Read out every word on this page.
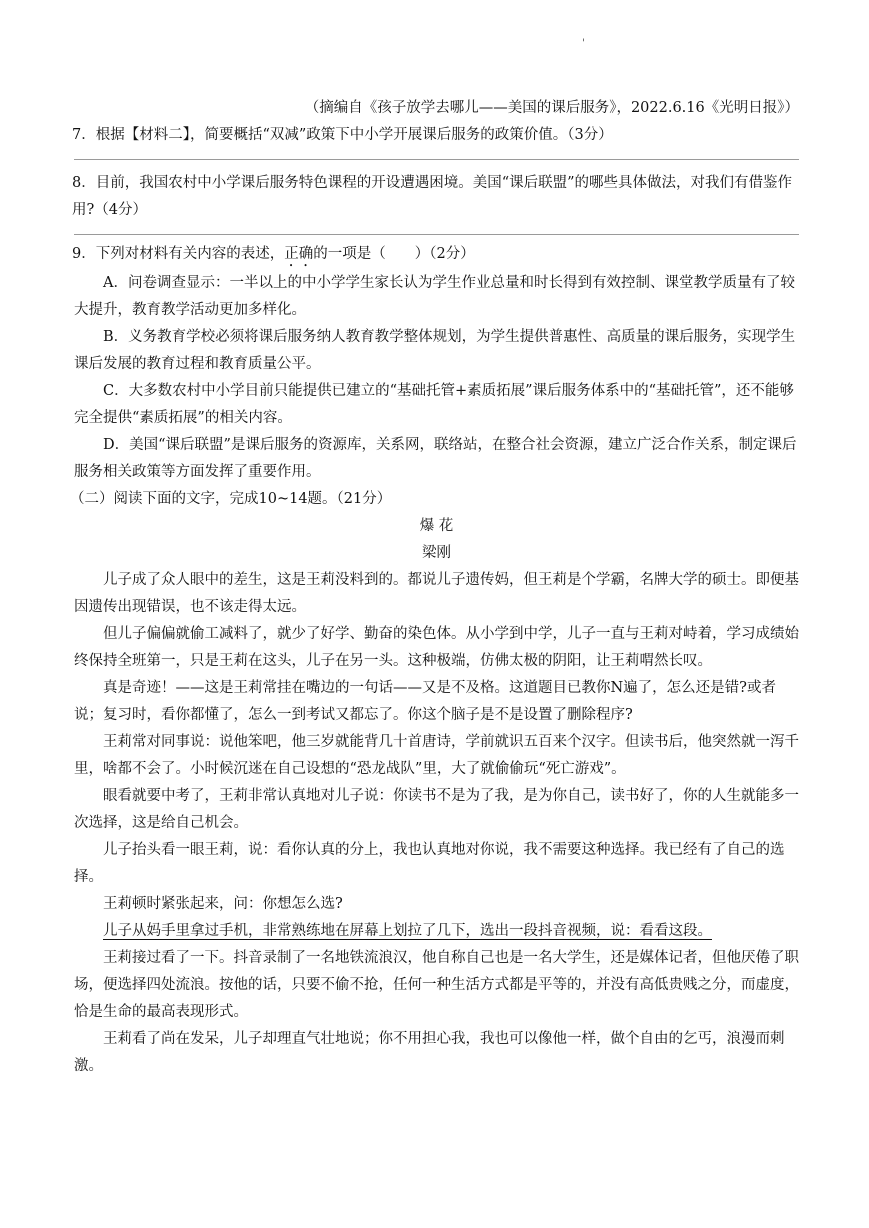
'

（摘编自《孩子放学去哪儿——美国的课后服务》，2022.6.16《光明日报》）

7．根据【材料二】，简要概括“双减”政策下中小学开展课后服务的政策价值。（3分）

8．目前，我国农村中小学课后服务特色课程的开设遭遇困境。美国“课后联盟”的哪些具体做法，对我们有借鉴作用?（4分）

9．下列对材料有关内容的表述，正确的一项是（　　）（2分）

A．问卷调查显示：一半以上的中小学学生家长认为学生作业总量和时长得到有效控制、课堂教学质量有了较大提升，教育教学活动更加多样化。

B．义务教育学校必须将课后服务纳人教育教学整体规划，为学生提供普惠性、高质量的课后服务，实现学生课后发展的教育过程和教育质量公平。

C．大多数农村中小学目前只能提供已建立的“基础托管+素质拓展”课后服务体系中的“基础托管”，还不能够完全提供“素质拓展”的相关内容。

D．美国“课后联盟”是课后服务的资源库，关系网，联络站，在整合社会资源，建立广泛合作关系，制定课后服务相关政策等方面发挥了重要作用。

（二）阅读下面的文字，完成10~14题。（21分）

爆 花

梁刚

儿子成了众人眼中的差生，这是王莉没料到的。都说儿子遗传妈，但王莉是个学霸，名牌大学的硕士。即便基因遗传出现错误，也不该走得太远。

但儿子偏偏就偷工减料了，就少了好学、勤奋的染色体。从小学到中学，儿子一直与王莉对峙着，学习成绩始终保持全班第一，只是王莉在这头，儿子在另一头。这种极端，仿佛太极的阴阳，让王莉喟然长叹。

真是奇迹！——这是王莉常挂在嘴边的一句话——又是不及格。这道题目已教你N遍了，怎么还是错?或者说；复习时，看你都懂了，怎么一到考试又都忘了。你这个脑子是不是设置了删除程序?

王莉常对同事说：说他笨吧，他三岁就能背几十首唐诗，学前就识五百来个汉字。但读书后，他突然就一泻千里，啥都不会了。小时候沉迷在自己设想的“恐龙战队”里，大了就偷偷玩“死亡游戏”。

眼看就要中考了，王莉非常认真地对儿子说：你读书不是为了我，是为你自己，读书好了，你的人生就能多一次选择，这是给自己机会。

儿子抬头看一眼王莉，说：看你认真的分上，我也认真地对你说，我不需要这种选择。我已经有了自己的选择。

王莉顿时紧张起来，问：你想怎么选?

儿子从妈手里拿过手机，非常熟练地在屏幕上划拉了几下，选出一段抖音视频，说：看看这段。

王莉接过看了一下。抖音录制了一名地铁流浪汉，他自称自己也是一名大学生，还是媒体记者，但他厌倦了职场，便选择四处流浪。按他的话，只要不偷不抢，任何一种生活方式都是平等的，并没有高低贵贱之分，而虚度，恰是生命的最高表现形式。

王莉看了尚在发呆，儿子却理直气壮地说；你不用担心我，我也可以像他一样，做个自由的乞丐，浪漫而刺激。
